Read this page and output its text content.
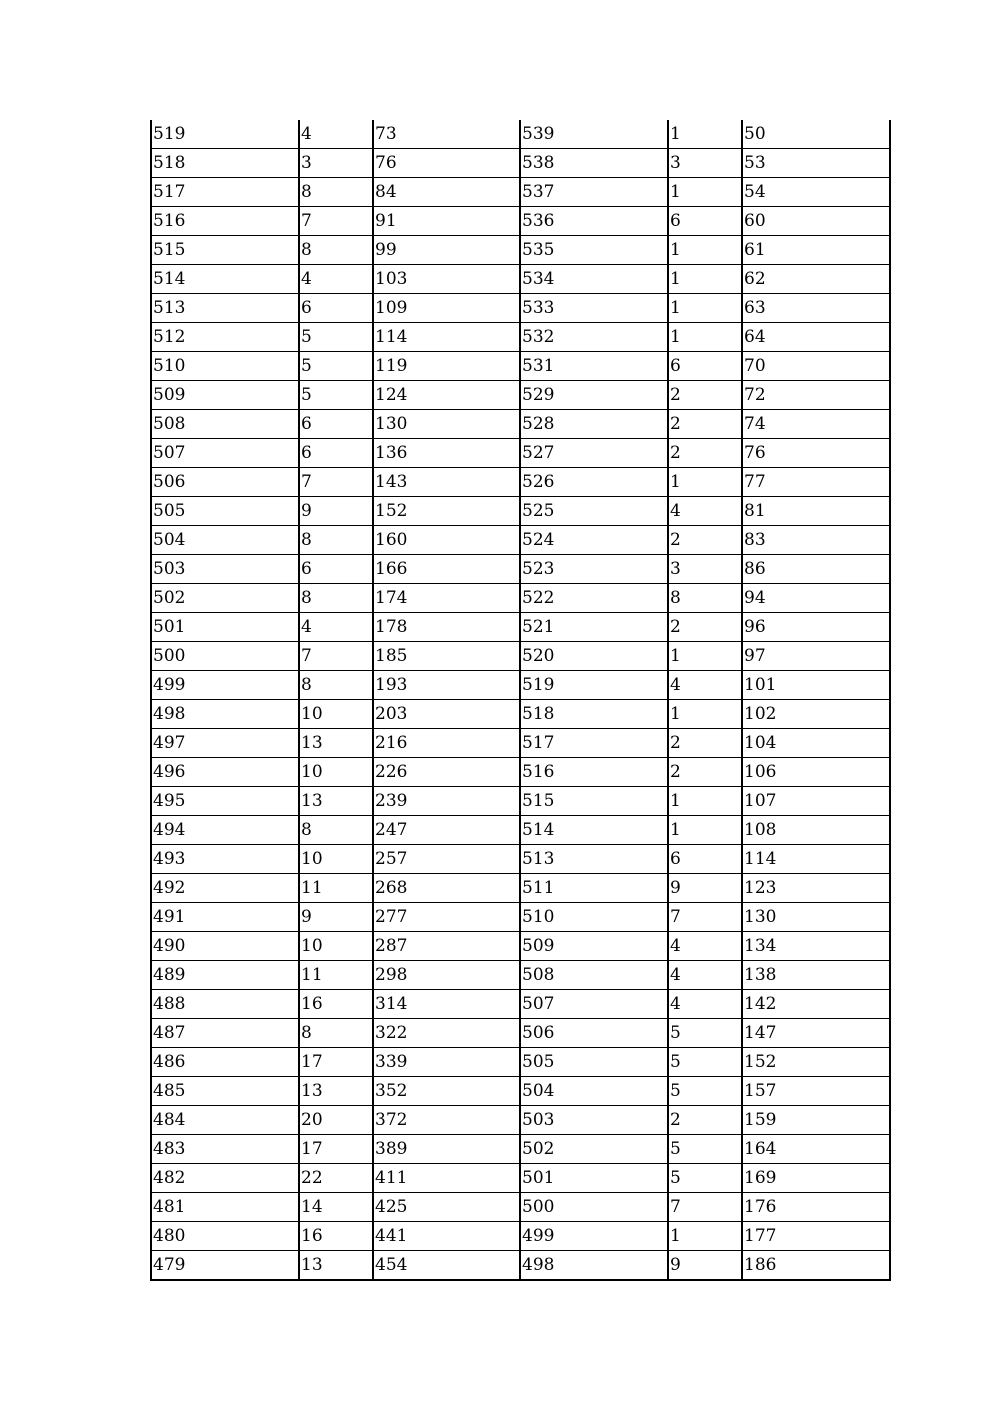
519	4	73	539	1	50
518	3	76	538	3	53
517	8	84	537	1	54
516	7	91	536	6	60
515	8	99	535	1	61
514	4	103	534	1	62
513	6	109	533	1	63
512	5	114	532	1	64
510	5	119	531	6	70
509	5	124	529	2	72
508	6	130	528	2	74
507	6	136	527	2	76
506	7	143	526	1	77
505	9	152	525	4	81
504	8	160	524	2	83
503	6	166	523	3	86
502	8	174	522	8	94
501	4	178	521	2	96
500	7	185	520	1	97
499	8	193	519	4	101
498	10	203	518	1	102
497	13	216	517	2	104
496	10	226	516	2	106
495	13	239	515	1	107
494	8	247	514	1	108
493	10	257	513	6	114
492	11	268	511	9	123
491	9	277	510	7	130
490	10	287	509	4	134
489	11	298	508	4	138
488	16	314	507	4	142
487	8	322	506	5	147
486	17	339	505	5	152
485	13	352	504	5	157
484	20	372	503	2	159
483	17	389	502	5	164
482	22	411	501	5	169
481	14	425	500	7	176
480	16	441	499	1	177
479	13	454	498	9	186
